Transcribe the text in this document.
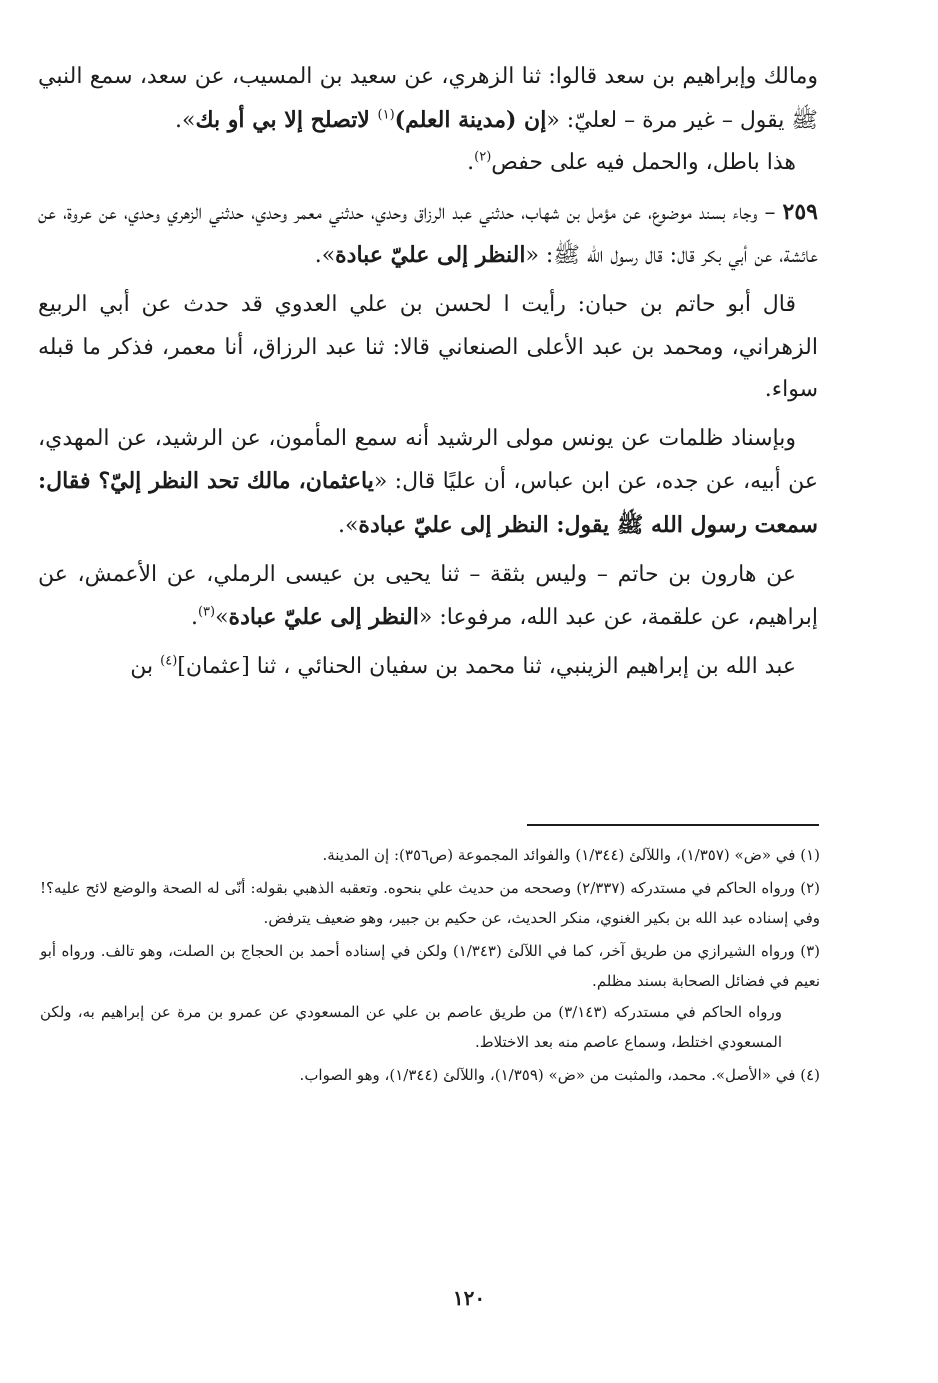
ومالك وإبراهيم بن سعد قالوا: ثنا الزهري، عن سعيد بن المسيب، عن سعد، سمع النبي ﷺ يقول – غير مرة – لعليّ: «إن (مدينة العلم)$^{(١)}$ لاتصلح إلا بي أو بك».
 هذا باطل، والحمل فيه على حفص$^{(٢)}$.

٢٥٩ – وجاء بسند موضوع، عن مؤمل بن شهاب، حدثني عبد الرزاق وحدي، حدثني معمر وحدي، حدثني الزهري وحدي، عن عروة، عن عائشة، عن أبي بكر قال: قال رسول الله ﷺ: «النظر إلى عليّ عبادة».

 قال أبو حاتم بن حبان: رأيت ا لحسن بن علي العدوي قد حدث عن أبي الربيع الزهراني، ومحمد بن عبد الأعلى الصنعاني قالا: ثنا عبد الرزاق، أنا معمر، فذكر ما قبله سواء.

 وبإسناد ظلمات عن يونس مولى الرشيد أنه سمع المأمون، عن الرشيد، عن المهدي، عن أبيه، عن جده، عن ابن عباس، أن عليًا قال: «ياعثمان، مالك تحد النظر إليّ؟ فقال: سمعت رسول الله ﷺ يقول: النظر إلى عليّ عبادة».

 عن هارون بن حاتم – وليس بثقة – ثنا يحيى بن عيسى الرملي، عن الأعمش، عن إبراهيم، عن علقمة، عن عبد الله، مرفوعا: «النظر إلى عليّ عبادة»$^{(٣)}$.

 عبد الله بن إبراهيم الزينبي، ثنا محمد بن سفيان الحنائي ، ثنا [عثمان]$^{(٤)}$ بن

(١) في «ض» (١/٣٥٧)، واللآلئ (١/٣٤٤) والفوائد المجموعة (ص٣٥٦): إن المدينة.

(٢) ورواه الحاكم في مستدركه (٢/٣٣٧) وصححه من حديث علي بنحوه. وتعقبه الذهبي بقوله: أنّى له الصحة والوضع لائح عليه؟! وفي إسناده عبد الله بن بكير الغنوي، منكر الحديث، عن حكيم بن جبير، وهو ضعيف يترفض.

(٣) ورواه الشيرازي من طريق آخر، كما في اللآلئ (١/٣٤٣) ولكن في إسناده أحمد بن الحجاج بن الصلت، وهو تالف. ورواه أبو نعيم في فضائل الصحابة بسند مظلم.

ورواه الحاكم في مستدركه (٣/١٤٣) من طريق عاصم بن علي عن المسعودي عن عمرو بن مرة عن إبراهيم به، ولكن المسعودي اختلط، وسماع عاصم منه بعد الاختلاط.

(٤) في «الأصل». محمد، والمثبت من «ض» (١/٣٥٩)، واللآلئ (١/٣٤٤)، وهو الصواب.

١٢٠
